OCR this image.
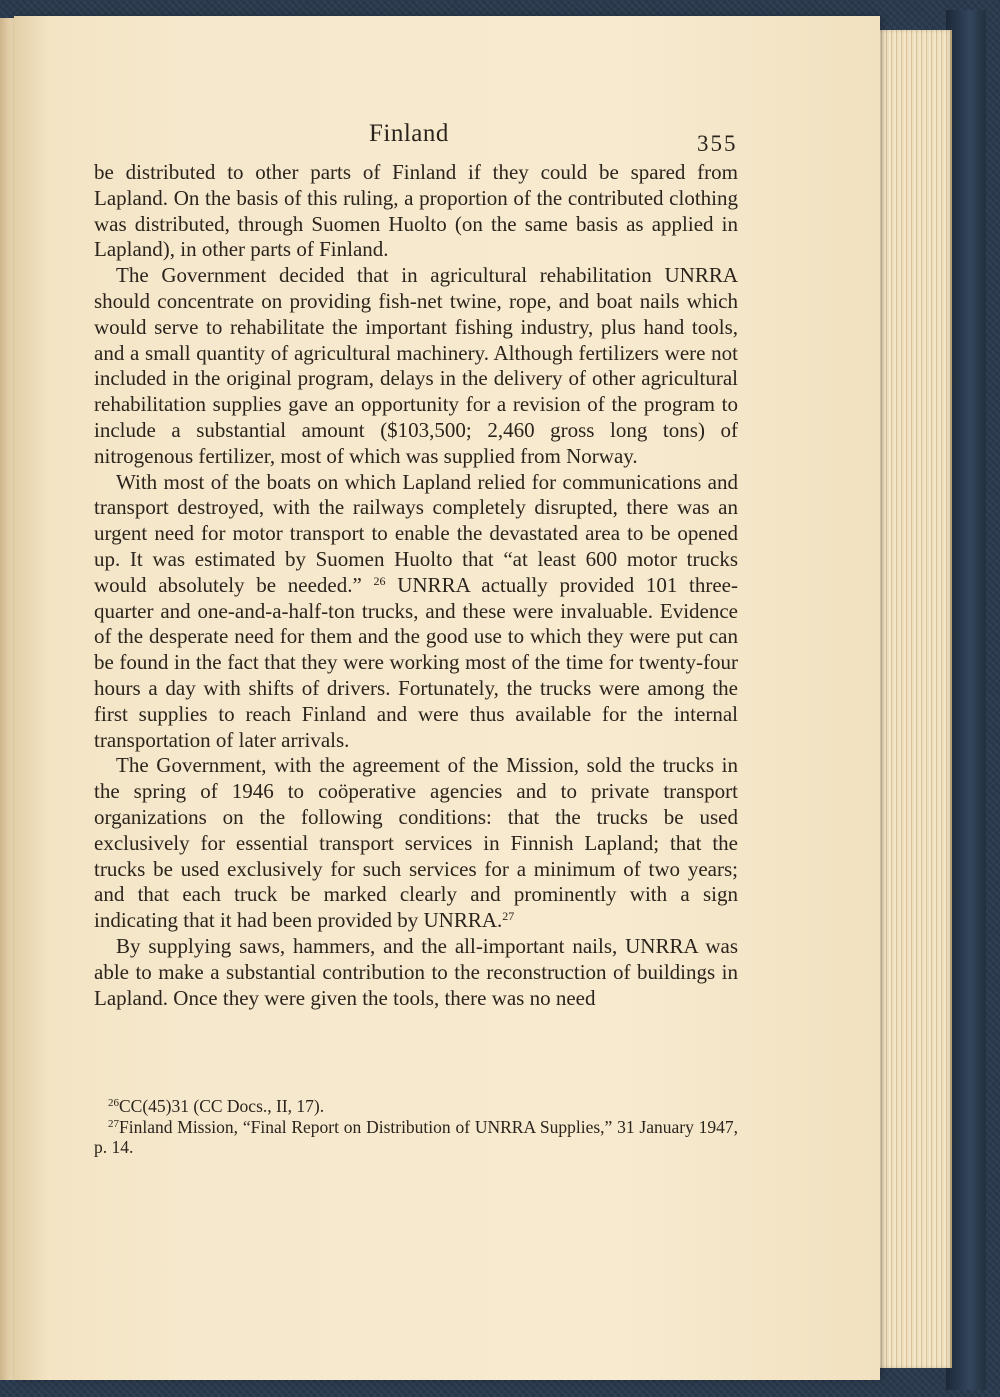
Finland	355

be distributed to other parts of Finland if they could be spared from Lapland. On the basis of this ruling, a proportion of the contributed clothing was distributed, through Suomen Huolto (on the same basis as applied in Lapland), in other parts of Finland.

The Government decided that in agricultural rehabilitation UNRRA should concentrate on providing fish-net twine, rope, and boat nails which would serve to rehabilitate the important fishing industry, plus hand tools, and a small quantity of agricultural machinery. Although fertilizers were not included in the original program, delays in the delivery of other agricultural rehabilitation supplies gave an opportunity for a revision of the program to include a substantial amount ($103,500; 2,460 gross long tons) of nitrogenous fertilizer, most of which was supplied from Norway.

With most of the boats on which Lapland relied for communications and transport destroyed, with the railways completely disrupted, there was an urgent need for motor transport to enable the devastated area to be opened up. It was estimated by Suomen Huolto that “at least 600 motor trucks would absolutely be needed.” $^{26}$ UNRRA actually provided 101 three-quarter and one-and-a-half-ton trucks, and these were invaluable. Evidence of the desperate need for them and the good use to which they were put can be found in the fact that they were working most of the time for twenty-four hours a day with shifts of drivers. Fortunately, the trucks were among the first supplies to reach Finland and were thus available for the internal transportation of later arrivals.

The Government, with the agreement of the Mission, sold the trucks in the spring of 1946 to coöperative agencies and to private transport organizations on the following conditions: that the trucks be used exclusively for essential transport services in Finnish Lapland; that the trucks be used exclusively for such services for a minimum of two years; and that each truck be marked clearly and prominently with a sign indicating that it had been provided by UNRRA.$^{27}$

By supplying saws, hammers, and the all-important nails, UNRRA was able to make a substantial contribution to the reconstruction of buildings in Lapland. Once they were given the tools, there was no need

$^{26}$CC(45)31 (CC Docs., II, 17).

$^{27}$Finland Mission, “Final Report on Distribution of UNRRA Supplies,” 31 January 1947, p. 14.
